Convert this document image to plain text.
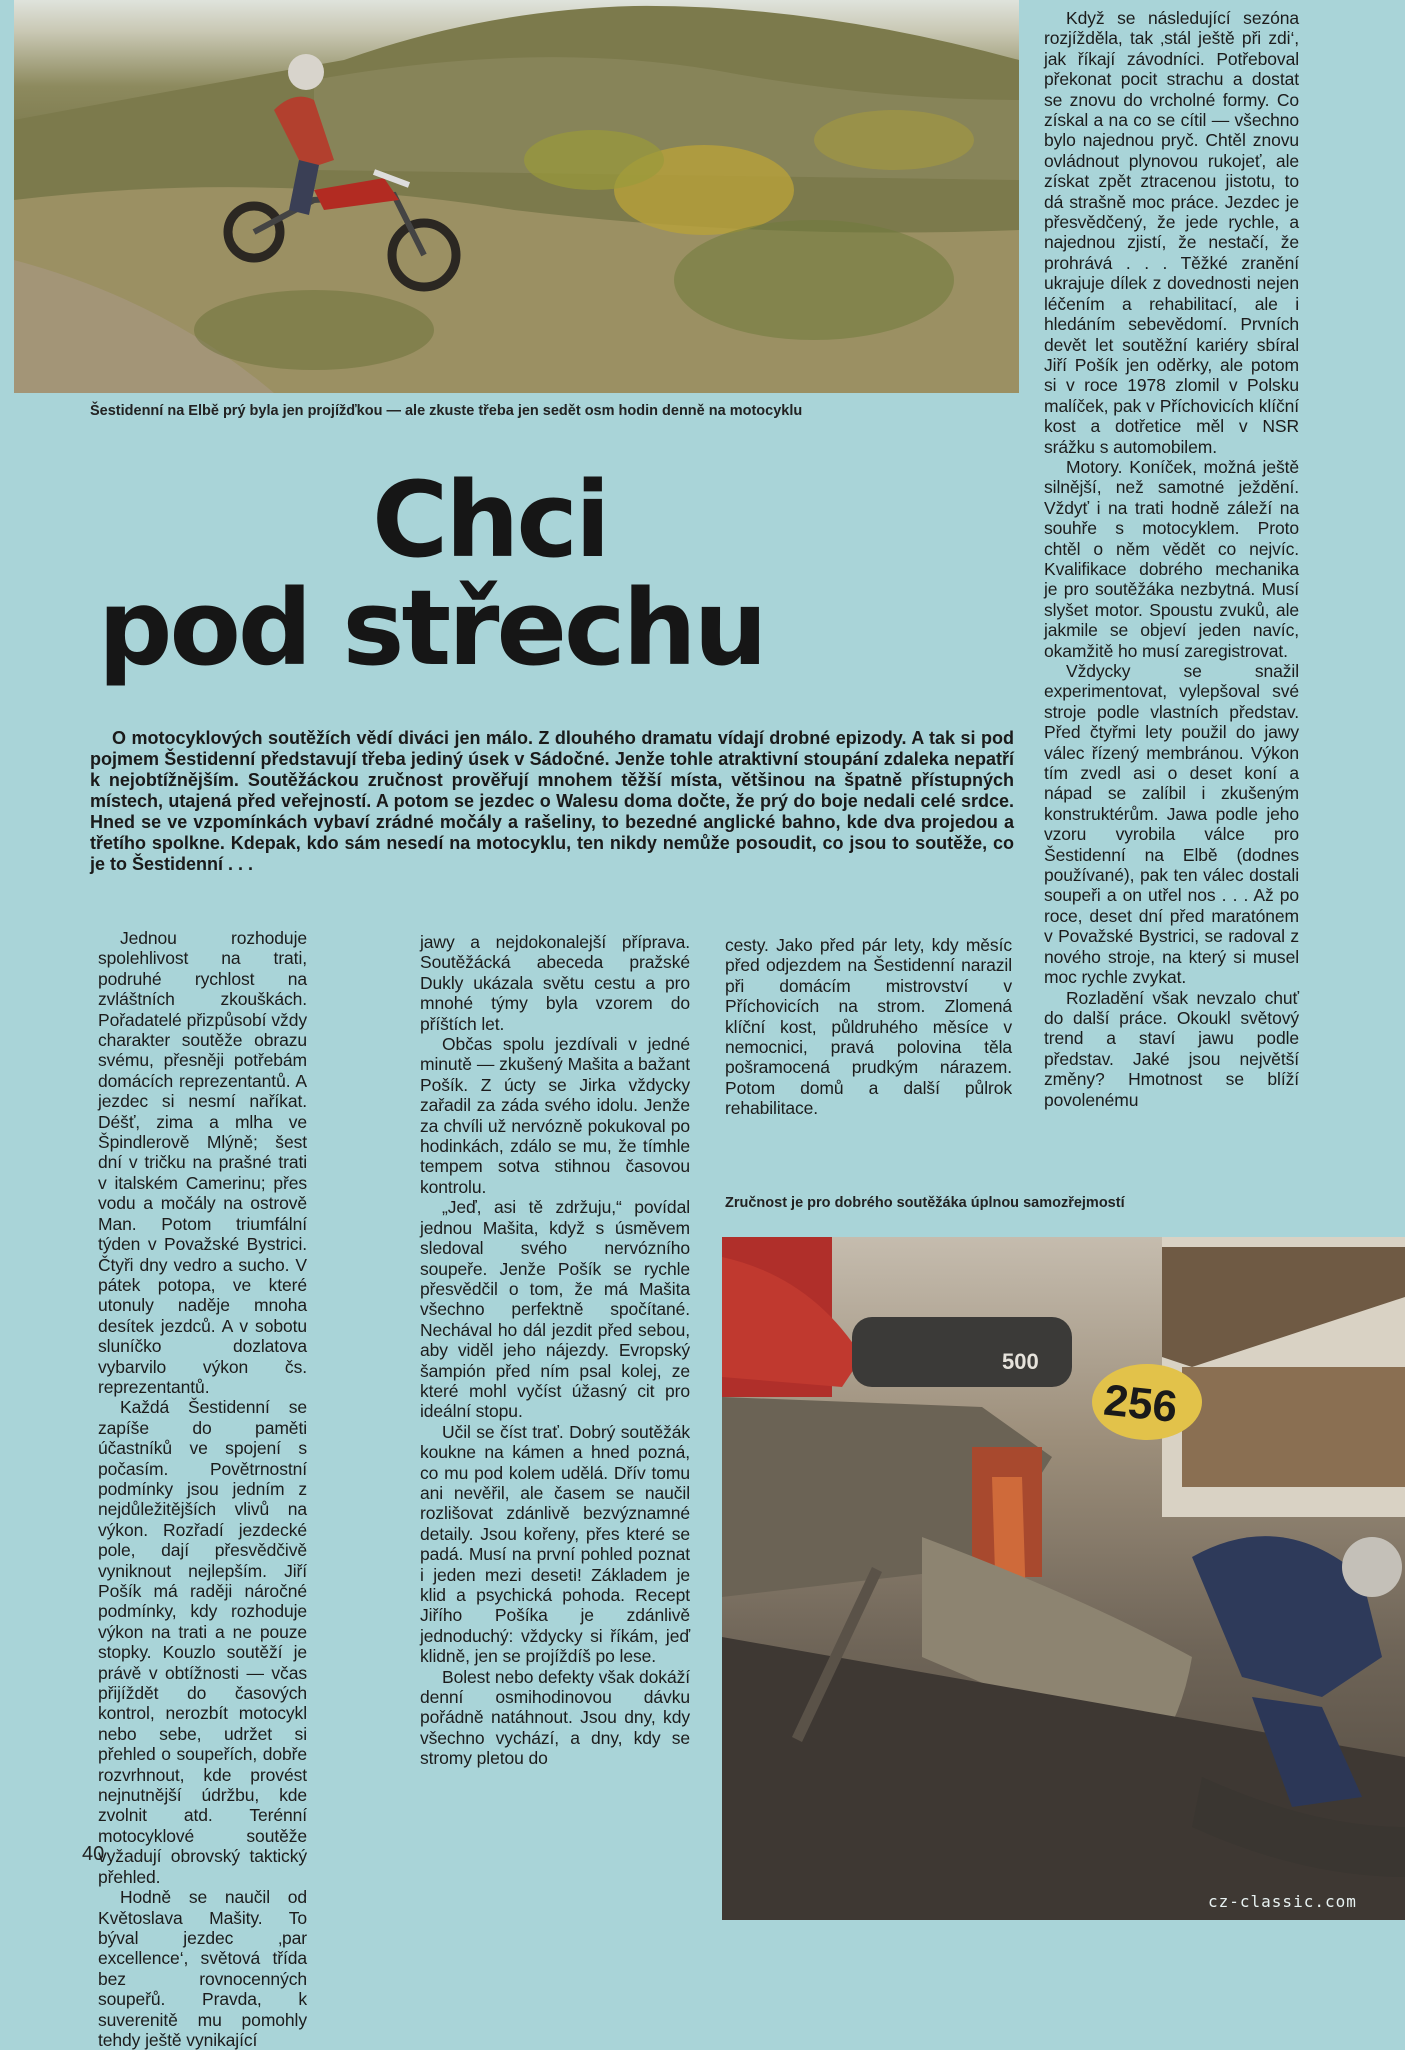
Šestidenní na Elbě prý byla jen projížďkou — ale zkuste třeba jen sedět osm hodin denně na motocyklu
Chci
pod střechu

O motocyklových soutěžích vědí diváci jen málo. Z dlouhého dramatu vídají drobné epizody. A tak si pod pojmem Šestidenní představují třeba jediný úsek v Sádočné. Jenže tohle atraktivní stoupání zdaleka nepatří k nejobtížnějším. Soutěžáckou zručnost prověřují mnohem těžší místa, většinou na špatně přístupných místech, utajená před veřejností. A potom se jezdec o Walesu doma dočte, že prý do boje nedali celé srdce. Hned se ve vzpomínkách vybaví zrádné močály a rašeliny, to bezedné anglické bahno, kde dva projedou a třetího spolkne. Kdepak, kdo sám nesedí na motocyklu, ten nikdy nemůže posoudit, co jsou to soutěže, co je to Šestidenní . . .

Jednou rozhoduje spolehlivost na trati, podruhé rychlost na zvláštních zkouškách. Pořadatelé přizpůsobí vždy charakter soutěže obrazu svému, přesněji potřebám domácích reprezentantů. A jezdec si nesmí naříkat. Déšť, zima a mlha ve Špindlerově Mlýně; šest dní v tričku na prašné trati v italském Camerinu; přes vodu a močály na ostrově Man. Potom triumfální týden v Považské Bystrici. Čtyři dny vedro a sucho. V pátek potopa, ve které utonuly naděje mnoha desítek jezdců. A v sobotu sluníčko dozlatova vybarvilo výkon čs. reprezentantů.

Každá Šestidenní se zapíše do paměti účastníků ve spojení s počasím. Povětrnostní podmínky jsou jedním z nejdůležitějších vlivů na výkon. Rozřadí jezdecké pole, dají přesvědčivě vyniknout nejlepším. Jiří Pošík má raději náročné podmínky, kdy rozhoduje výkon na trati a ne pouze stopky. Kouzlo soutěží je právě v obtížnosti — včas přijíždět do časových kontrol, nerozbít motocykl nebo sebe, udržet si přehled o soupeřích, dobře rozvrhnout, kde provést nejnutnější údržbu, kde zvolnit atd. Terénní motocyklové soutěže vyžadují obrovský taktický přehled.

Hodně se naučil od Květoslava Mašity. To býval jezdec ‚par excellence‘, světová třída bez rovnocenných soupeřů. Pravda, k suverenitě mu pomohly tehdy ještě vynikající

jawy a nejdokonalejší příprava. Soutěžácká abeceda pražské Dukly ukázala světu cestu a pro mnohé týmy byla vzorem do příštích let.

Občas spolu jezdívali v jedné minutě — zkušený Mašita a bažant Pošík. Z úcty se Jirka vždycky zařadil za záda svého idolu. Jenže za chvíli už nervózně pokukoval po hodinkách, zdálo se mu, že tímhle tempem sotva stihnou časovou kontrolu.

„Jeď, asi tě zdržuju,“ povídal jednou Mašita, když s úsměvem sledoval svého nervózního soupeře. Jenže Pošík se rychle přesvědčil o tom, že má Mašita všechno perfektně spočítané. Nechával ho dál jezdit před sebou, aby viděl jeho nájezdy. Evropský šampión před ním psal kolej, ze které mohl vyčíst úžasný cit pro ideální stopu.

Učil se číst trať. Dobrý soutěžák koukne na kámen a hned pozná, co mu pod kolem udělá. Dřív tomu ani nevěřil, ale časem se naučil rozlišovat zdánlivě bezvýznamné detaily. Jsou kořeny, přes které se padá. Musí na první pohled poznat i jeden mezi deseti! Základem je klid a psychická pohoda. Recept Jiřího Pošíka je zdánlivě jednoduchý: vždycky si říkám, jeď klidně, jen se projíždíš po lese.

Bolest nebo defekty však dokáží denní osmihodinovou dávku pořádně natáhnout. Jsou dny, kdy všechno vychází, a dny, kdy se stromy pletou do

cesty. Jako před pár lety, kdy měsíc před odjezdem na Šestidenní narazil při domácím mistrovství v Příchovicích na strom. Zlomená klíční kost, půldruhého měsíce v nemocnici, pravá polovina těla pošramocená prudkým nárazem. Potom domů a další půlrok rehabilitace.

Když se následující sezóna rozjížděla, tak ‚stál ještě při zdi‘, jak říkají závodníci. Potřeboval překonat pocit strachu a dostat se znovu do vrcholné formy. Co získal a na co se cítil — všechno bylo najednou pryč. Chtěl znovu ovládnout plynovou rukojeť, ale získat zpět ztracenou jistotu, to dá strašně moc práce. Jezdec je přesvědčený, že jede rychle, a najednou zjistí, že nestačí, že prohrává . . . Těžké zranění ukrajuje dílek z dovednosti nejen léčením a rehabilitací, ale i hledáním sebevědomí. Prvních devět let soutěžní kariéry sbíral Jiří Pošík jen oděrky, ale potom si v roce 1978 zlomil v Polsku malíček, pak v Příchovicích klíční kost a dotřetice měl v NSR srážku s automobilem.

Motory. Koníček, možná ještě silnější, než samotné ježdění. Vždyť i na trati hodně záleží na souhře s motocyklem. Proto chtěl o něm vědět co nejvíc. Kvalifikace dobrého mechanika je pro soutěžáka nezbytná. Musí slyšet motor. Spoustu zvuků, ale jakmile se objeví jeden navíc, okamžitě ho musí zaregistrovat.

Vždycky se snažil experimentovat, vylepšoval své stroje podle vlastních představ. Před čtyřmi lety použil do jawy válec řízený membránou. Výkon tím zvedl asi o deset koní a nápad se zalíbil i zkušeným konstruktérům. Jawa podle jeho vzoru vyrobila válce pro Šestidenní na Elbě (dodnes používané), pak ten válec dostali soupeři a on utřel nos . . . Až po roce, deset dní před maratónem v Považské Bystrici, se radoval z nového stroje, na který si musel moc rychle zvykat.

Rozladění však nevzalo chuť do další práce. Okoukl světový trend a staví jawu podle představ. Jaké jsou největší změny? Hmotnost se blíží povolenému

Zručnost je pro dobrého soutěžáka úplnou samozřejmostí
500
256
40
cz-classic.com
